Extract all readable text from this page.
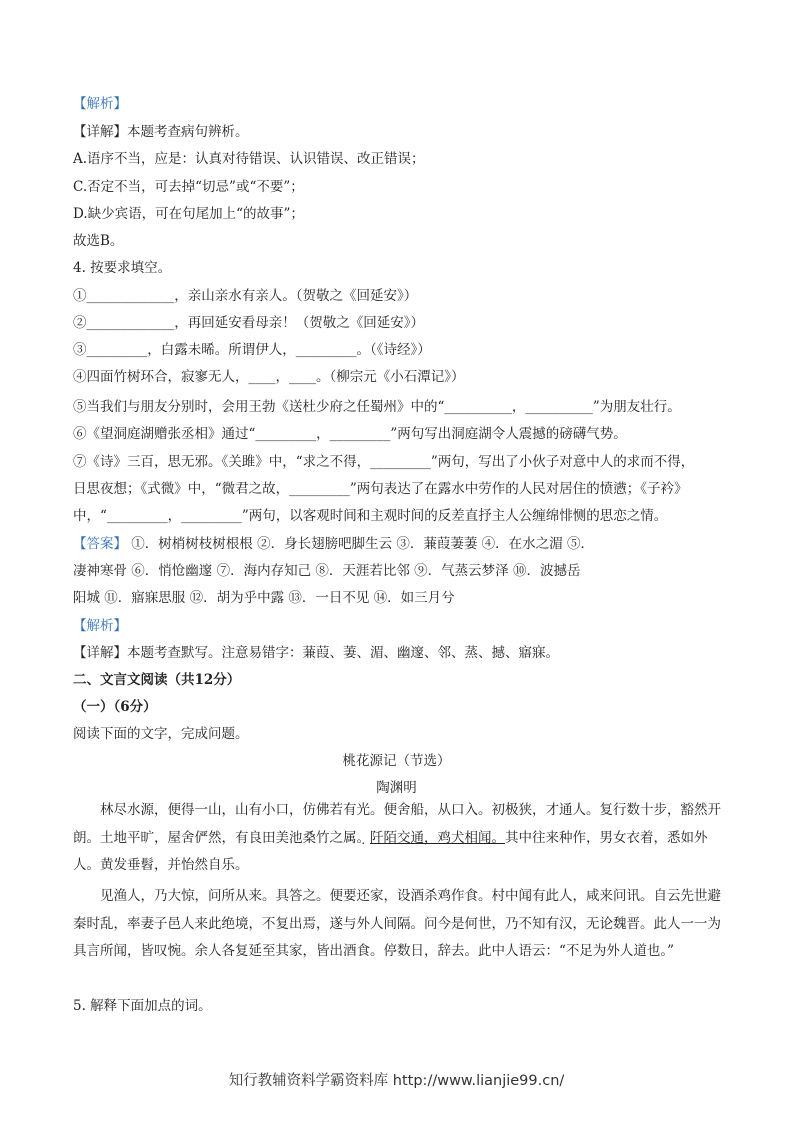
【解析】
【详解】本题考查病句辨析。
A.语序不当，应是：认真对待错误、认识错误、改正错误；
C.否定不当，可去掉“切忌”或“不要”；
D.缺少宾语，可在句尾加上“的故事”；
故选B。
4. 按要求填空。
①_____________，亲山亲水有亲人。（贺敬之《回延安》）
②_____________，再回延安看母亲！（贺敬之《回延安》）
③_________，白露未晞。所谓伊人，_________。（《诗经》）
④四面竹树环合，寂寥无人，____，____。（柳宗元《小石潭记》）
⑤当我们与朋友分别时，会用王勃《送杜少府之任蜀州》中的“__________，__________”为朋友壮行。
⑥《望洞庭湖赠张丞相》通过“_________，_________”两句写出洞庭湖令人震撼的磅礴气势。
⑦《诗》三百，思无邪。《关雎》中，“求之不得，_________”两句，写出了小伙子对意中人的求而不得，
日思夜想；《式微》中，“微君之故，_________”两句表达了在露水中劳作的人民对居住的愤懑；《子衿》
中，“_________，_________”两句，以客观时间和主观时间的反差直抒主人公缠绵悱恻的思恋之情。
【答案】 ①．树梢树枝树根根 ②．身长翅膀吧脚生云 ③．蒹葭萋萋 ④．在水之湄 ⑤．
凄神寒骨 ⑥．悄怆幽邃 ⑦．海内存知己 ⑧．天涯若比邻 ⑨．气蒸云梦泽 ⑩．波撼岳
阳城 ⑪．寤寐思服 ⑫．胡为乎中露 ⑬．一日不见 ⑭．如三月兮
【解析】
【详解】本题考查默写。注意易错字：蒹葭、萋、湄、幽邃、邻、蒸、撼、寤寐。
二、文言文阅读（共12分）
（一）（6分）
阅读下面的文字，完成问题。
桃花源记（节选）
陶渊明
林尽水源，便得一山，山有小口，仿佛若有光。便舍船，从口入。初极狭，才通人。复行数十步，豁然开朗。土地平旷，屋舍俨然，有良田美池桑竹之属 .。阡陌交通，鸡犬相闻。其中往来种作，男女衣着，悉如外人。黄发垂髫，并怡然自乐。
见渔人，乃大惊，问所从来。具答之。便要还家，设酒杀鸡作食。村中闻有此人，咸来问讯。自云先世避秦时乱，率妻子邑人来此绝境，不复出焉，遂与外人间隔。问今是何世，乃不知有汉，无论魏晋。此人一一为具言所闻，皆叹惋。余人各复延至其家，皆出酒食。停数日，辞去。此中人语云：“不足为外人道也。”
5. 解释下面加点的词。
知行教辅资料学霸资料库 http://www.lianjie99.cn/
